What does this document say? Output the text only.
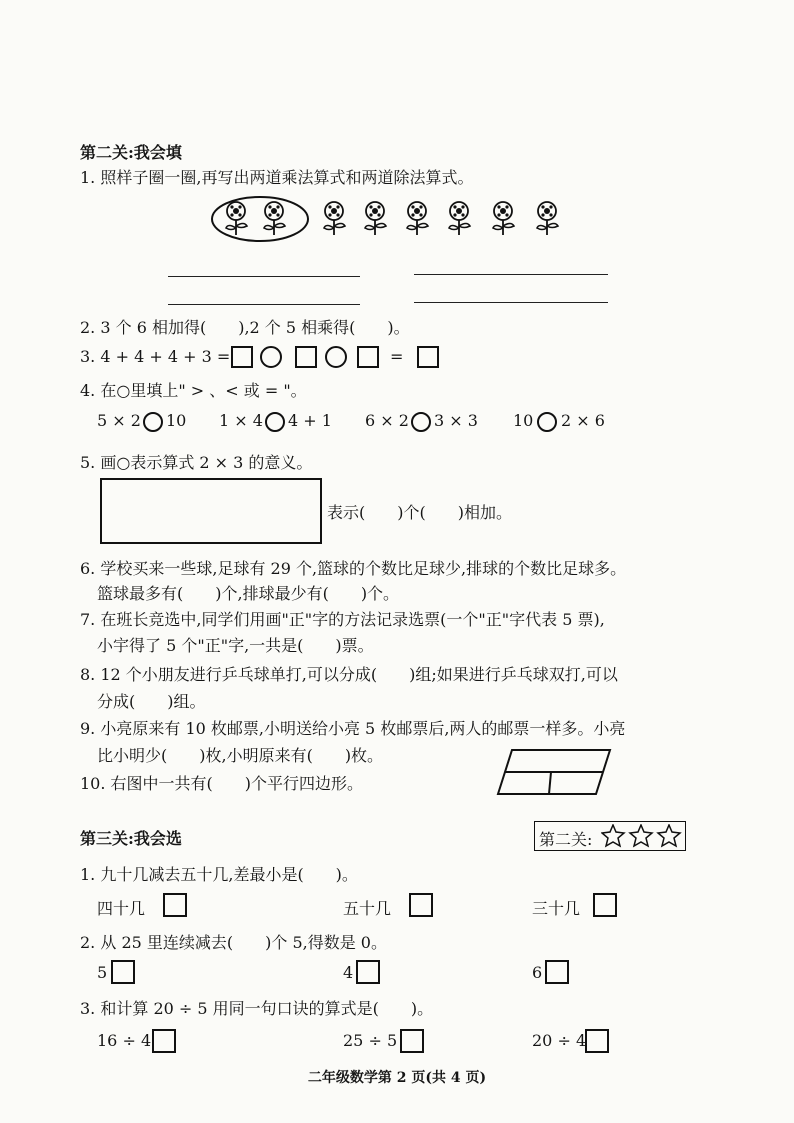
第二关:我会填
1. 照样子圈一圈,再写出两道乘法算式和两道除法算式。
2. 3 个 6 相加得(　　),2 个 5 相乘得(　　)。
3. 4 + 4 + 4 + 3 =	=
4. 在○里填上" > 、< 或 = "。
5 × 2 10 1 × 4 4 + 1 6 × 2 3 × 3 10 2 × 6
5. 画○表示算式 2 × 3 的意义。
表示(　　)个(　　)相加。
6. 学校买来一些球,足球有 29 个,篮球的个数比足球少,排球的个数比足球多。
篮球最多有(　　)个,排球最少有(　　)个。
7. 在班长竞选中,同学们用画"正"字的方法记录选票(一个"正"字代表 5 票),
小宇得了 5 个"正"字,一共是(　　)票。
8. 12 个小朋友进行乒乓球单打,可以分成(　　)组;如果进行乒乓球双打,可以
分成(　　)组。
9. 小亮原来有 10 枚邮票,小明送给小亮 5 枚邮票后,两人的邮票一样多。小亮
比小明少(　　)枚,小明原来有(　　)枚。
10. 右图中一共有(　　)个平行四边形。
第三关:我会选	第二关:
1. 九十几减去五十几,差最小是(　　)。
四十几	五十几	三十几
2. 从 25 里连续减去(　　)个 5,得数是 0。
5	4	6
3. 和计算 20 ÷ 5 用同一句口诀的算式是(　　)。
16 ÷ 4	25 ÷ 5	20 ÷ 4
二年级数学第 2 页(共 4 页)
